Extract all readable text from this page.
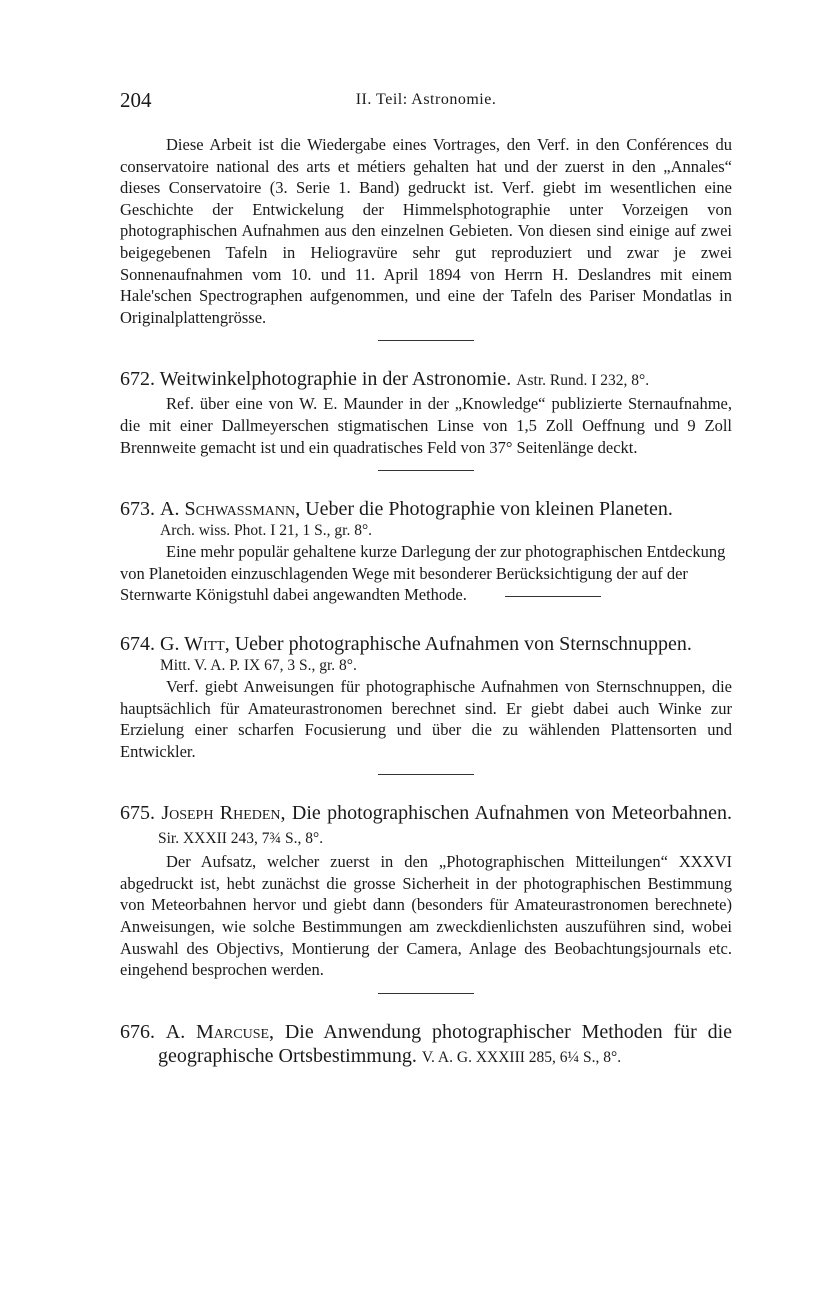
204	II. Teil: Astronomie.

Diese Arbeit ist die Wiedergabe eines Vortrages, den Verf. in den Conférences du conservatoire national des arts et métiers gehalten hat und der zuerst in den „Annales“ dieses Conservatoire (3. Serie 1. Band) gedruckt ist. Verf. giebt im wesentlichen eine Geschichte der Entwickelung der Himmelsphotographie unter Vorzeigen von photographischen Aufnahmen aus den einzelnen Gebieten. Von diesen sind einige auf zwei beigegebenen Tafeln in Heliogravüre sehr gut reproduziert und zwar je zwei Sonnenaufnahmen vom 10. und 11. April 1894 von Herrn H. Deslandres mit einem Hale'schen Spectrographen aufgenommen, und eine der Tafeln des Pariser Mondatlas in Originalplattengrösse.

672. Weitwinkelphotographie in der Astronomie. Astr. Rund. I 232, 8°.

Ref. über eine von W. E. Maunder in der „Knowledge“ publizierte Sternaufnahme, die mit einer Dallmeyerschen stigmatischen Linse von 1,5 Zoll Oeffnung und 9 Zoll Brennweite gemacht ist und ein quadratisches Feld von 37° Seitenlänge deckt.

673. A. Schwassmann, Ueber die Photographie von kleinen Planeten.
Arch. wiss. Phot. I 21, 1 S., gr. 8°.

Eine mehr populär gehaltene kurze Darlegung der zur photographischen Entdeckung von Planetoiden einzuschlagenden Wege mit besonderer Berücksichtigung der auf der Sternwarte Königstuhl dabei angewandten Methode.

674. G. Witt, Ueber photographische Aufnahmen von Sternschnuppen.
Mitt. V. A. P. IX 67, 3 S., gr. 8°.

Verf. giebt Anweisungen für photographische Aufnahmen von Sternschnuppen, die hauptsächlich für Amateurastronomen berechnet sind. Er giebt dabei auch Winke zur Erzielung einer scharfen Focusierung und über die zu wählenden Plattensorten und Entwickler.

675. Joseph Rheden, Die photographischen Aufnahmen von Meteorbahnen. Sir. XXXII 243, 7¾ S., 8°.

Der Aufsatz, welcher zuerst in den „Photographischen Mitteilungen“ XXXVI abgedruckt ist, hebt zunächst die grosse Sicherheit in der photographischen Bestimmung von Meteorbahnen hervor und giebt dann (besonders für Amateurastronomen berechnete) Anweisungen, wie solche Bestimmungen am zweckdienlichsten auszuführen sind, wobei Auswahl des Objectivs, Montierung der Camera, Anlage des Beobachtungsjournals etc. eingehend besprochen werden.

676. A. Marcuse, Die Anwendung photographischer Methoden für die geographische Ortsbestimmung. V. A. G. XXXIII 285, 6¼ S., 8°.
